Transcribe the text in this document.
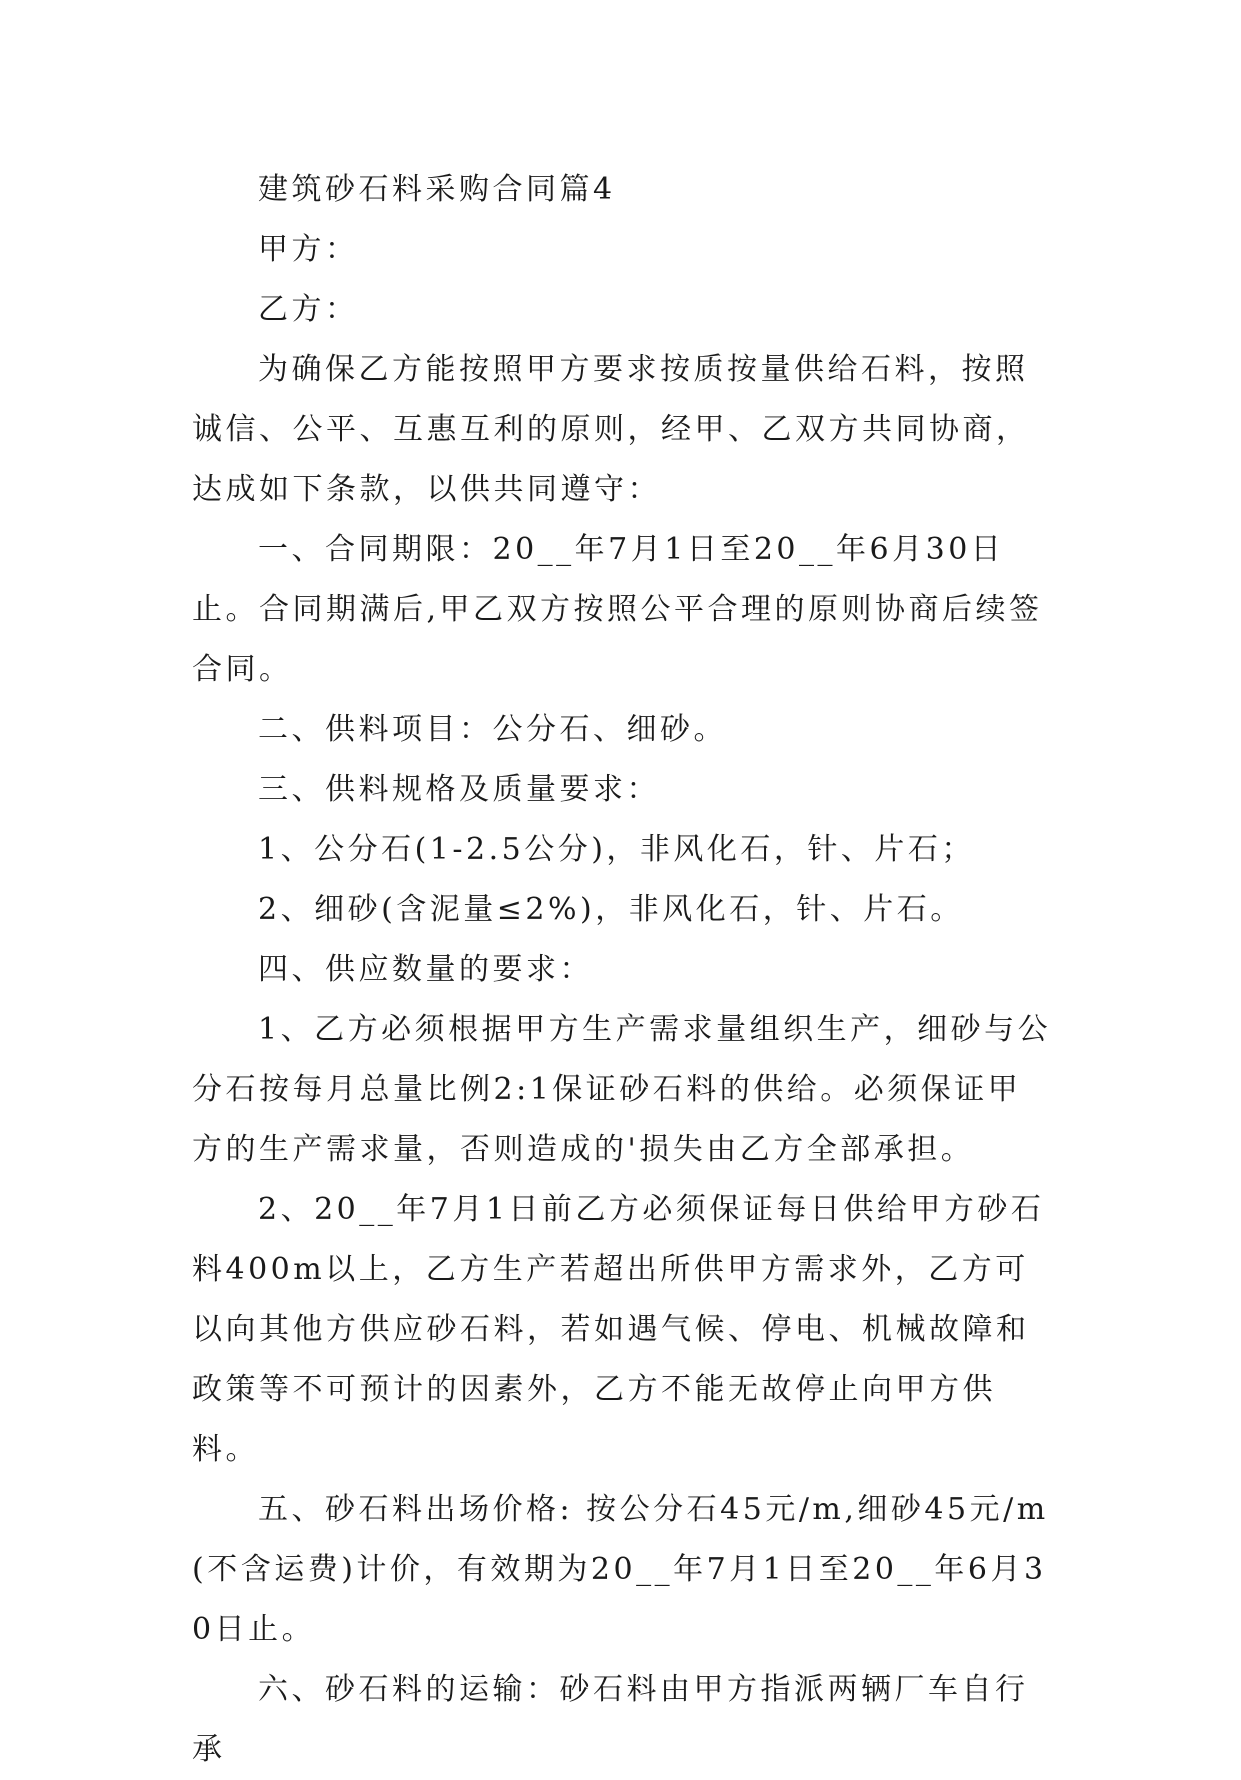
建筑砂石料采购合同篇4

甲方：

乙方：

为确保乙方能按照甲方要求按质按量供给石料，按照诚信、公平、互惠互利的原则，经甲、乙双方共同协商，达成如下条款，以供共同遵守：

一、合同期限：20__年7月1日至20__年6月30日止。合同期满后,甲乙双方按照公平合理的原则协商后续签合同。

二、供料项目：公分石、细砂。

三、供料规格及质量要求：

1、公分石(1-2.5公分)，非风化石，针、片石；

2、细砂(含泥量≤2%)，非风化石，针、片石。

四、供应数量的要求：

1、乙方必须根据甲方生产需求量组织生产，细砂与公分石按每月总量比例2:1保证砂石料的供给。必须保证甲方的生产需求量，否则造成的'损失由乙方全部承担。

2、20__年7月1日前乙方必须保证每日供给甲方砂石料400m以上，乙方生产若超出所供甲方需求外，乙方可以向其他方供应砂石料，若如遇气候、停电、机械故障和政策等不可预计的因素外，乙方不能无故停止向甲方供料。

五、砂石料出场价格: 按公分石45元/m,细砂45元/m(不含运费)计价，有效期为20__年7月1日至20__年6月30日止。

六、砂石料的运输：砂石料由甲方指派两辆厂车自行承
